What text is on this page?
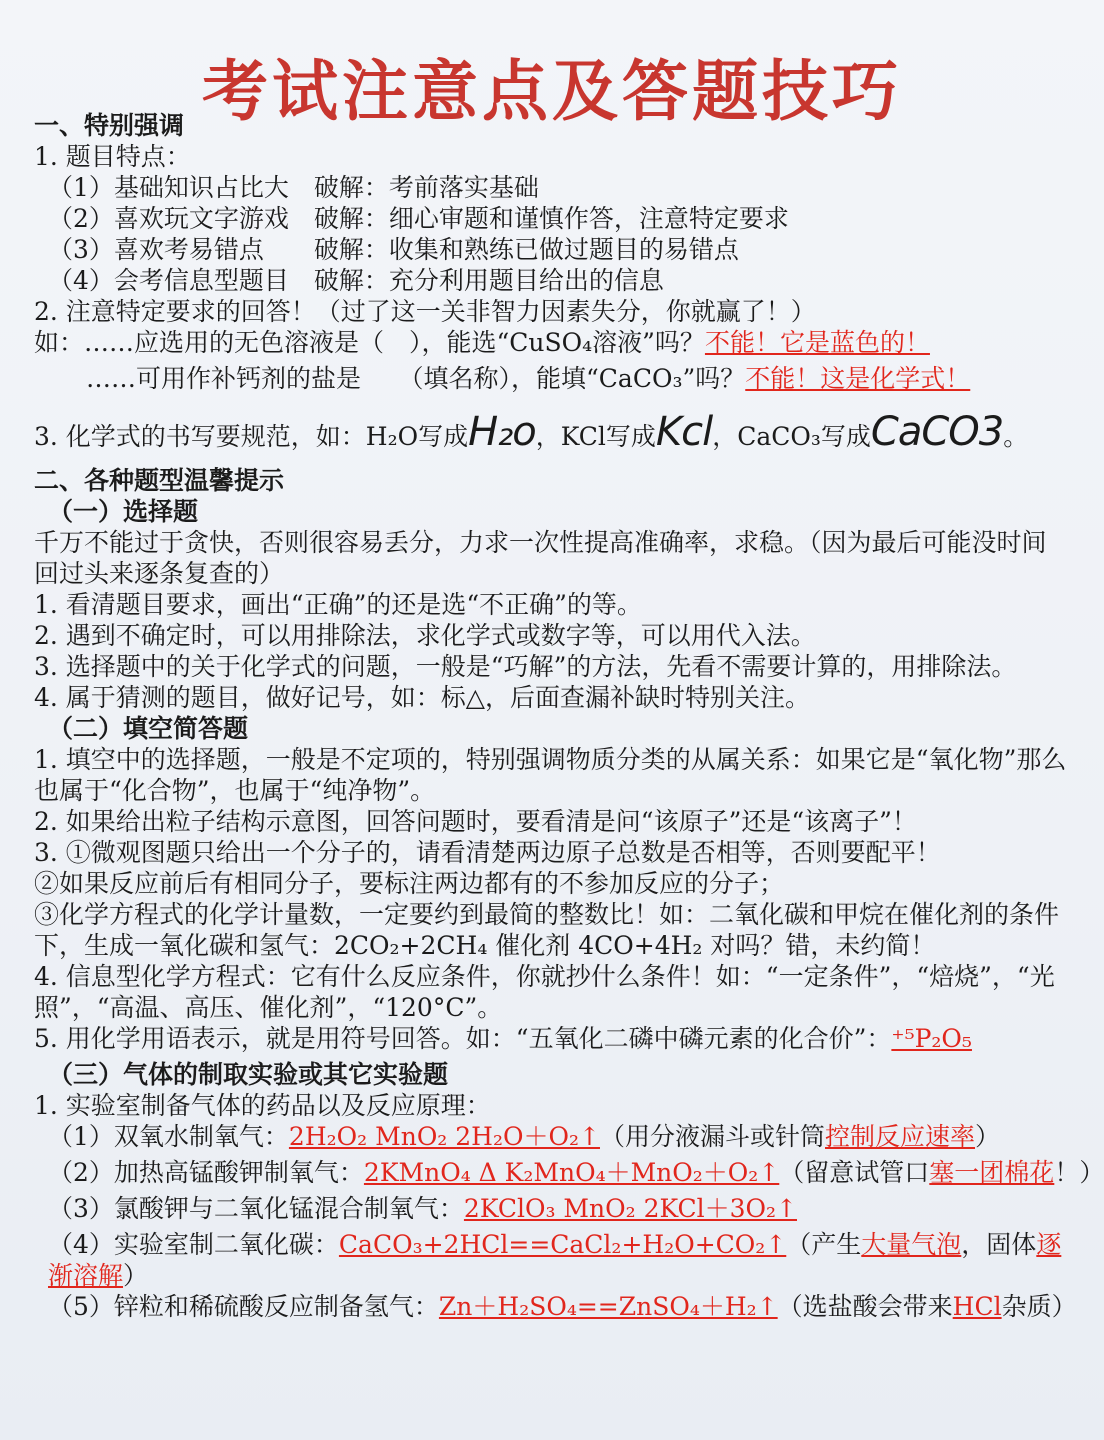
考试注意点及答题技巧
一、特别强调
1. 题目特点：
（1）基础知识占比大　破解：考前落实基础
（2）喜欢玩文字游戏　破解：细心审题和谨慎作答，注意特定要求
（3）喜欢考易错点　　破解：收集和熟练已做过题目的易错点
（4）会考信息型题目　破解：充分利用题目给出的信息
2. 注意特定要求的回答！（过了这一关非智力因素失分，你就赢了！）
如：……应选用的无色溶液是（　），能选“CuSO₄溶液”吗？不能！它是蓝色的！
……可用作补钙剂的盐是　　（填名称），能填“CaCO₃”吗？不能！这是化学式！
3. 化学式的书写要规范，如：H₂O写成H₂o，KCl写成Kcl，CaCO₃写成CaCO3。
二、各种题型温馨提示
（一）选择题
千万不能过于贪快，否则很容易丢分，力求一次性提高准确率，求稳。（因为最后可能没时间回过头来逐条复查的）
1. 看清题目要求，画出“正确”的还是选“不正确”的等。
2. 遇到不确定时，可以用排除法，求化学式或数字等，可以用代入法。
3. 选择题中的关于化学式的问题，一般是“巧解”的方法，先看不需要计算的，用排除法。
4. 属于猜测的题目，做好记号，如：标△，后面查漏补缺时特别关注。
（二）填空简答题
1. 填空中的选择题，一般是不定项的，特别强调物质分类的从属关系：如果它是“氧化物”那么也属于“化合物”，也属于“纯净物”。
2. 如果给出粒子结构示意图，回答问题时，要看清是问“该原子”还是“该离子”！
3. ①微观图题只给出一个分子的，请看清楚两边原子总数是否相等，否则要配平！
②如果反应前后有相同分子，要标注两边都有的不参加反应的分子；
③化学方程式的化学计量数，一定要约到最简的整数比！如：二氧化碳和甲烷在催化剂的条件下，生成一氧化碳和氢气：2CO₂+2CH₄ 催化剂 4CO+4H₂ 对吗？错，未约简！
4. 信息型化学方程式：它有什么反应条件，你就抄什么条件！如：“一定条件”，“焙烧”，“光照”，“高温、高压、催化剂”，“120°C”。
5. 用化学用语表示，就是用符号回答。如：“五氧化二磷中磷元素的化合价”：⁺⁵P₂O₅
（三）气体的制取实验或其它实验题
1. 实验室制备气体的药品以及反应原理：
（1）双氧水制氧气：2H₂O₂ MnO₂ 2H₂O＋O₂↑（用分液漏斗或针筒控制反应速率）
（2）加热高锰酸钾制氧气：2KMnO₄ Δ K₂MnO₄＋MnO₂＋O₂↑（留意试管口塞一团棉花！）
（3）氯酸钾与二氧化锰混合制氧气：2KClO₃ MnO₂ 2KCl＋3O₂↑
（4）实验室制二氧化碳：CaCO₃+2HCl==CaCl₂+H₂O+CO₂↑（产生大量气泡，固体逐渐溶解）
（5）锌粒和稀硫酸反应制备氢气：Zn＋H₂SO₄==ZnSO₄＋H₂↑（选盐酸会带来HCl杂质）
